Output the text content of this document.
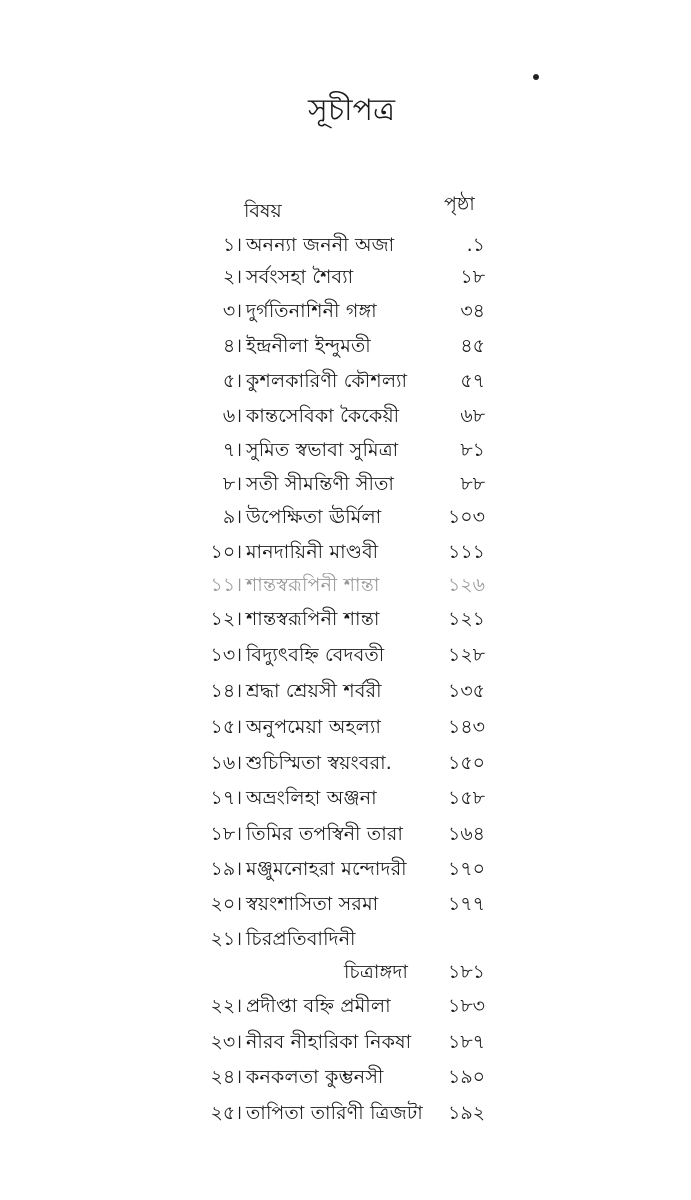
সূচীপত্র
বিষয়	পৃষ্ঠা
১। অনন্যা জননী অজা	.১
২। সর্বংসহা শৈব্যা	১৮
৩। দুর্গতিনাশিনী গঙ্গা	৩৪
৪। ইন্দ্রনীলা ইন্দুমতী	৪৫
৫। কুশলকারিণী কৌশল্যা	৫৭
৬। কান্তসেবিকা কৈকেয়ী	৬৮
৭। সুমিত স্বভাবা সুমিত্রা	৮১
৮। সতী সীমন্তিণী সীতা	৮৮
৯। উপেক্ষিতা ঊর্মিলা	১০৩
১০। মানদায়িনী মাণ্ডবী	১১১
১১। শান্তস্বরূপিনী শান্তা	১২৬
১২। শান্তস্বরূপিনী শান্তা	১২১
১৩। বিদ্যুৎবহ্নি বেদবতী	১২৮
১৪। শ্রদ্ধা শ্রেয়সী শর্বরী	১৩৫
১৫। অনুপমেয়া অহল্যা	১৪৩
১৬। শুচিস্মিতা স্বয়ংবরা.	১৫০
১৭। অভ্রংলিহা অঞ্জনা	১৫৮
১৮। তিমির তপস্বিনী তারা ১৬৪
১৯। মঞ্জুমনোহরা মন্দোদরী ১৭০
২০। স্বয়ংশাসিতা সরমা	১৭৭
২১। চিরপ্রতিবাদিনী
চিত্রাঙ্গদা ১৮১
২২। প্রদীপ্তা বহ্নি প্রমীলা	১৮৩
২৩। নীরব নীহারিকা নিকষা ১৮৭
২৪। কনকলতা কুম্ভনসী	১৯০
২৫। তাপিতা তারিণী ত্রিজটা ১৯২
